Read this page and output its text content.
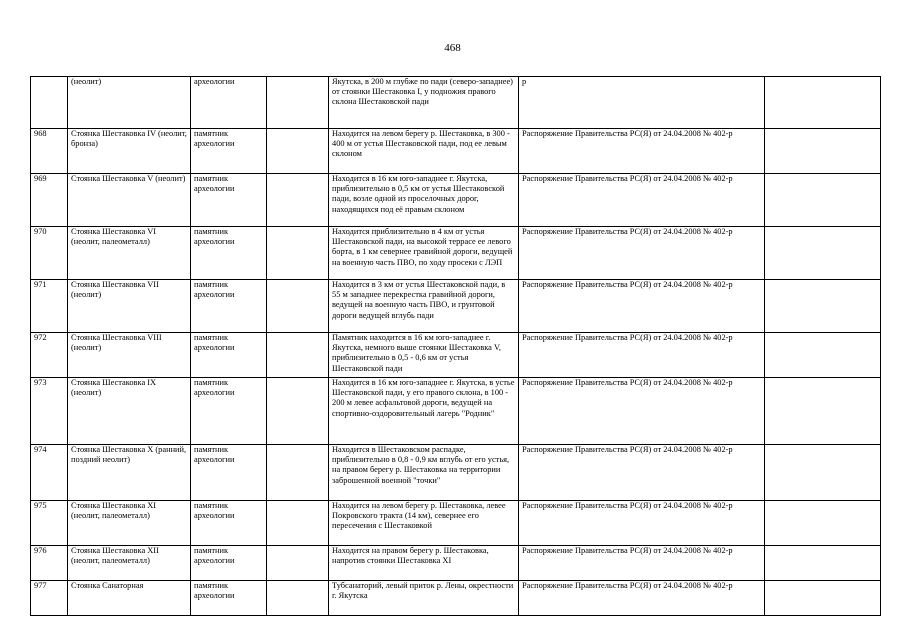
468
	(неолит)	археологии		Якутска, в 200 м глубже по пади (северо-западнее) от стоянки Шестаковка I, у подножия правого склона Шестаковской пади	р	
968	Стоянка Шестаковка IV (неолит, бронза)	памятник археологии		Находится на левом берегу р. Шестаковка, в 300 - 400 м от устья Шестаковской пади, под ее левым склоном	Распоряжение Правительства РС(Я) от 24.04.2008 № 402-р	
969	Стоянка Шестаковка V (неолит)	памятник археологии		Находится в 16 км юго-западнее г. Якутска, приблизительно в 0,5 км от устья Шестаковской пади, возле одной из проселочных дорог, находящихся под её правым склоном	Распоряжение Правительства РС(Я) от 24.04.2008 № 402-р	
970	Стоянка Шестаковка VI (неолит, палеометалл)	памятник археологии		Находится приблизительно в 4 км от устья Шестаковской пади, на высокой террасе ее левого борта, в 1 км севернее гравийной дороги, ведущей на военную часть ПВО, по ходу просеки с ЛЭП	Распоряжение Правительства РС(Я) от 24.04.2008 № 402-р	
971	Стоянка Шестаковка VII (неолит)	памятник археологии		Находится в 3 км от устья Шестаковской пади, в 55 м западнее перекрестка гравийной дороги, ведущей на военную часть ПВО, и грунтовой дороги ведущей вглубь пади	Распоряжение Правительства РС(Я) от 24.04.2008 № 402-р	
972	Стоянка Шестаковка VIII (неолит)	памятник археологии		Памятник находится в 16 км юго-западнее г. Якутска, немного выше стоянки Шестаковка V, приблизительно в 0,5 - 0,6 км от устья Шестаковской пади	Распоряжение Правительства РС(Я) от 24.04.2008 № 402-р	
973	Стоянка Шестаковка IX (неолит)	памятник археологии		Находится в 16 км юго-западнее г. Якутска, в устье Шестаковской пади, у его правого склона, в 100 - 200 м левее асфальтовой дороги, ведущей на спортивно-оздоровительный лагерь "Родник"	Распоряжение Правительства РС(Я) от 24.04.2008 № 402-р	
974	Стоянка Шестаковка X (ранний, поздний неолит)	памятник археологии		Находится в Шестаковском распадке, приблизительно в 0,8 - 0,9 км вглубь от его устья, на правом берегу р. Шестаковка на территории заброшенной военной "точки"	Распоряжение Правительства РС(Я) от 24.04.2008 № 402-р	
975	Стоянка Шестаковка XI (неолит, палеометалл)	памятник археологии		Находится на левом берегу р. Шестаковка, левее Покровского тракта (14 км), севернее его пересечения с Шестаковкой	Распоряжение Правительства РС(Я) от 24.04.2008 № 402-р	
976	Стоянка Шестаковка XII (неолит, палеометалл)	памятник археологии		Находится на правом берегу р. Шестаковка, напротив стоянки Шестаковка XI	Распоряжение Правительства РС(Я) от 24.04.2008 № 402-р	
977	Стоянка Санаторная	памятник археологии		Тубсанаторий, левый приток р. Лены, окрестности г. Якутска	Распоряжение Правительства РС(Я) от 24.04.2008 № 402-р	
